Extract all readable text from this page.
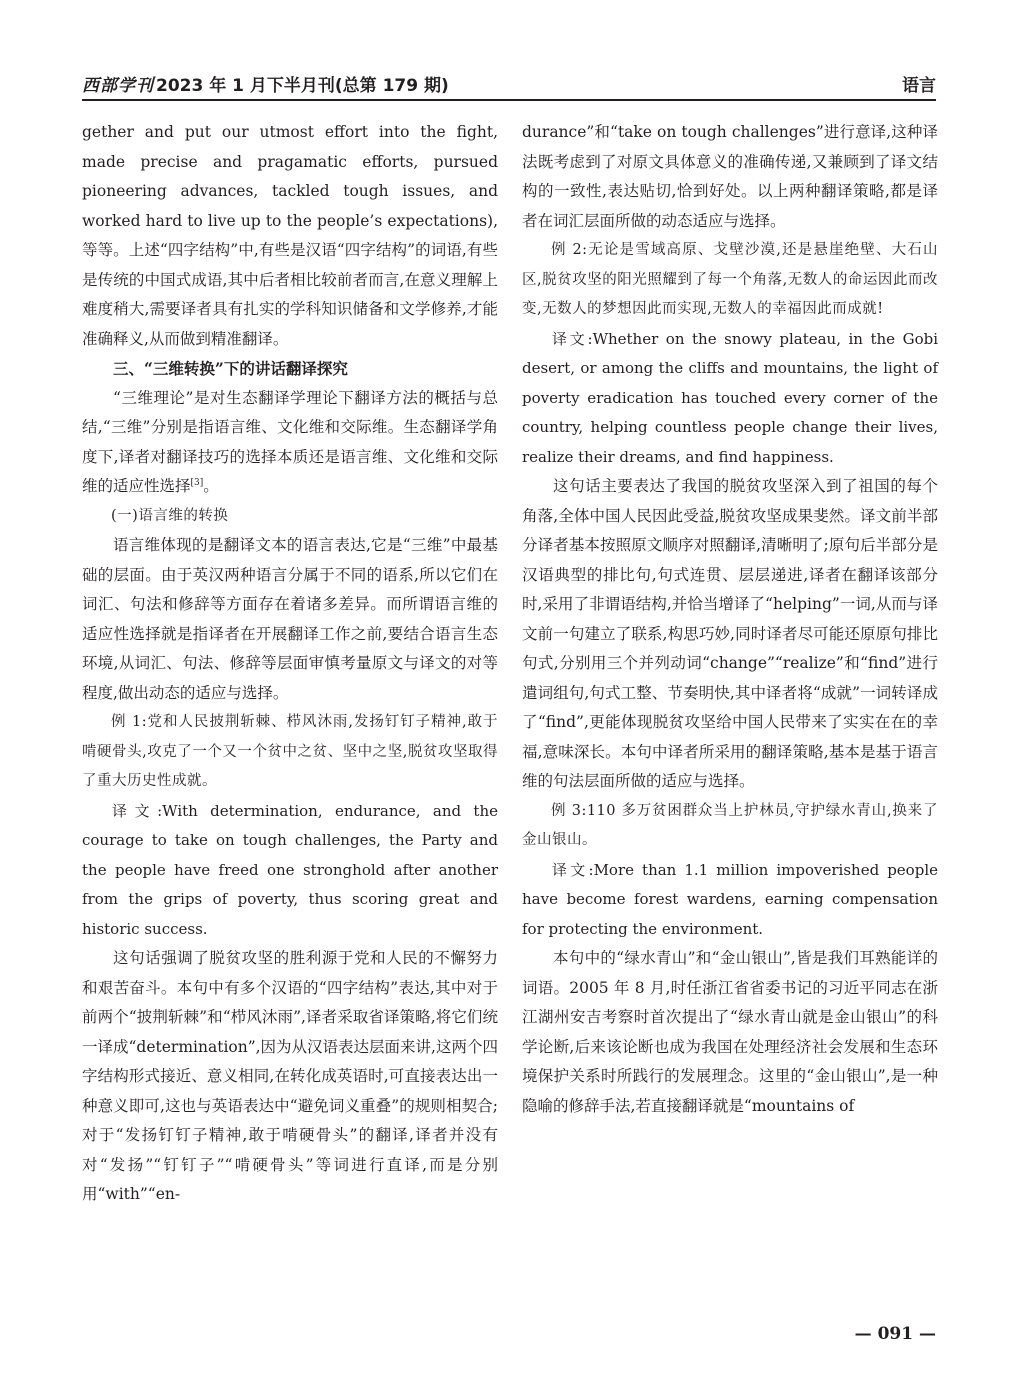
西部学刊 2023 年 1 月下半月刊(总第 179 期)	语言

gether and put our utmost effort into the fight, made precise and pragamatic efforts, pursued pioneering advances, tackled tough issues, and worked hard to live up to the people’s expectations),等等。上述“四字结构”中,有些是汉语“四字结构”的词语,有些是传统的中国式成语,其中后者相比较前者而言,在意义理解上难度稍大,需要译者具有扎实的学科知识储备和文学修养,才能准确释义,从而做到精准翻译。

三、“三维转换”下的讲话翻译探究

“三维理论”是对生态翻译学理论下翻译方法的概括与总结,“三维”分别是指语言维、文化维和交际维。生态翻译学角度下,译者对翻译技巧的选择本质还是语言维、文化维和交际维的适应性选择[3]。

(一)语言维的转换

语言维体现的是翻译文本的语言表达,它是“三维”中最基础的层面。由于英汉两种语言分属于不同的语系,所以它们在词汇、句法和修辞等方面存在着诸多差异。而所谓语言维的适应性选择就是指译者在开展翻译工作之前,要结合语言生态环境,从词汇、句法、修辞等层面审慎考量原文与译文的对等程度,做出动态的适应与选择。

例 1:党和人民披荆斩棘、栉风沐雨,发扬钉钉子精神,敢于啃硬骨头,攻克了一个又一个贫中之贫、坚中之坚,脱贫攻坚取得了重大历史性成就。

译文:With determination, endurance, and the courage to take on tough challenges, the Party and the people have freed one stronghold after another from the grips of poverty, thus scoring great and historic success.

这句话强调了脱贫攻坚的胜利源于党和人民的不懈努力和艰苦奋斗。本句中有多个汉语的“四字结构”表达,其中对于前两个“披荆斩棘”和“栉风沐雨”,译者采取省译策略,将它们统一译成“determination”,因为从汉语表达层面来讲,这两个四字结构形式接近、意义相同,在转化成英语时,可直接表达出一种意义即可,这也与英语表达中“避免词义重叠”的规则相契合;对于“发扬钉钉子精神,敢于啃硬骨头”的翻译,译者并没有对“发扬”“钉钉子”“啃硬骨头”等词进行直译,而是分别用“with”“en-

durance”和“take on tough challenges”进行意译,这种译法既考虑到了对原文具体意义的准确传递,又兼顾到了译文结构的一致性,表达贴切,恰到好处。以上两种翻译策略,都是译者在词汇层面所做的动态适应与选择。

例 2:无论是雪域高原、戈壁沙漠,还是悬崖绝壁、大石山区,脱贫攻坚的阳光照耀到了每一个角落,无数人的命运因此而改变,无数人的梦想因此而实现,无数人的幸福因此而成就!

译文:Whether on the snowy plateau, in the Gobi desert, or among the cliffs and mountains, the light of poverty eradication has touched every corner of the country, helping countless people change their lives, realize their dreams, and find happiness.

这句话主要表达了我国的脱贫攻坚深入到了祖国的每个角落,全体中国人民因此受益,脱贫攻坚成果斐然。译文前半部分译者基本按照原文顺序对照翻译,清晰明了;原句后半部分是汉语典型的排比句,句式连贯、层层递进,译者在翻译该部分时,采用了非谓语结构,并恰当增译了“helping”一词,从而与译文前一句建立了联系,构思巧妙,同时译者尽可能还原原句排比句式,分别用三个并列动词“change”“realize”和“find”进行遣词组句,句式工整、节奏明快,其中译者将“成就”一词转译成了“find”,更能体现脱贫攻坚给中国人民带来了实实在在的幸福,意味深长。本句中译者所采用的翻译策略,基本是基于语言维的句法层面所做的适应与选择。

例 3:110 多万贫困群众当上护林员,守护绿水青山,换来了金山银山。

译文:More than 1.1 million impoverished people have become forest wardens, earning compensation for protecting the environment.

本句中的“绿水青山”和“金山银山”,皆是我们耳熟能详的词语。2005 年 8 月,时任浙江省省委书记的习近平同志在浙江湖州安吉考察时首次提出了“绿水青山就是金山银山”的科学论断,后来该论断也成为我国在处理经济社会发展和生态环境保护关系时所践行的发展理念。这里的“金山银山”,是一种隐喻的修辞手法,若直接翻译就是“mountains of

— 091 —
